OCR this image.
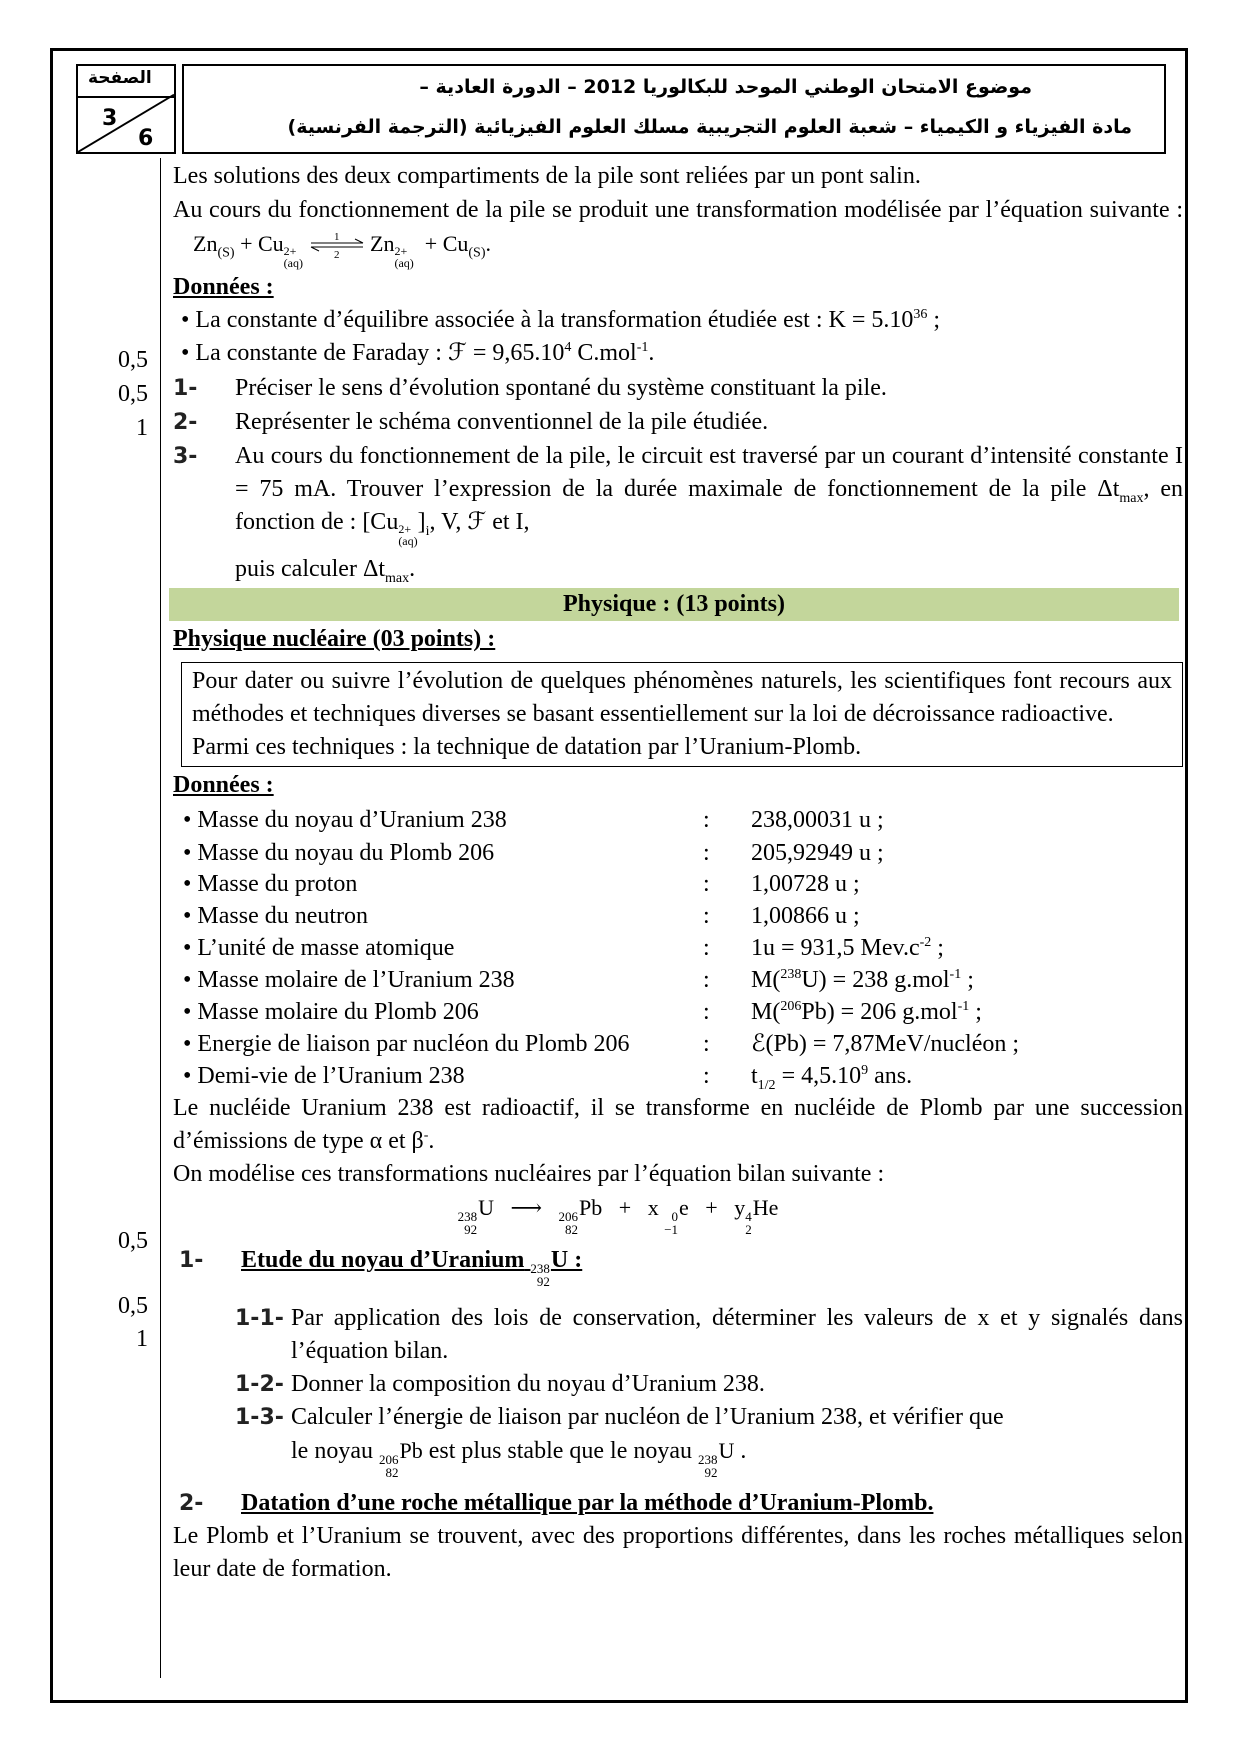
الصفحة
3
6
موضوع الامتحان الوطني الموحد للبكالوريا 2012 – الدورة العادية –
مادة الفيزياء و الكيمياء – شعبة العلوم التجريبية مسلك العلوم الفيزيائية (الترجمة الفرنسية)
0,5
0,5
1
0,5
0,5
1

Les solutions des deux compartiments de la pile sont reliées par un pont salin.

Au cours du fonctionnement de la pile se produit une transformation modélisée par l’équation suivante : $Zn_{(S)} + Cu$ 2+
(aq)

1
2 Zn 2+
(aq)
+ $Cu_{(S)}$.

Données :

• La constante d’équilibre associée à la transformation étudiée est : $K = 5.10^{36}$ ;

• La constante de Faraday : ℱ = $9,65.10^4$ C.mol$^{-1}$.

1-	Préciser le sens d’évolution spontané du système constituant la pile.
2-	Représenter le schéma conventionnel de la pile étudiée.
3-	Au cours du fonctionnement de la pile, le circuit est traversé par un courant d’intensité constante I = 75 mA. Trouver l’expression de la durée maximale de fonctionnement de la pile $\Delta t_{max}$, en fonction de : [Cu 2+
(aq)
]$_i$, V, ℱ et I,
puis calculer $\Delta t_{max}$.
Physique : (13 points)

Physique nucléaire (03 points) :

Pour dater ou suivre l’évolution de quelques phénomènes naturels, les scientifiques font recours aux méthodes et techniques diverses se basant essentiellement sur la loi de décroissance radioactive.

Parmi ces techniques : la technique de datation par l’Uranium-Plomb.

Données :

• Masse du noyau d’Uranium 238	:	238,00031 u ;
• Masse du noyau du Plomb 206	:	205,92949 u ;
• Masse du proton	:	1,00728 u ;
• Masse du neutron	:	1,00866 u ;
• L’unité de masse atomique	:	1u = 931,5 $Mev.c^{-2}$ ;
• Masse molaire de l’Uranium 238	:	M($^{238}$U) = 238 g.mol$^{-1}$ ;
• Masse molaire du Plomb 206	:	M($^{206}$Pb) = 206 g.mol$^{-1}$ ;
• Energie de liaison par nucléon du Plomb 206	:	ℰ(Pb) = 7,87MeV/nucléon ;
• Demi-vie de l’Uranium 238	:	$t_{1/2} = 4,5.10^9$ ans.

Le nucléide Uranium 238 est radioactif, il se transforme en nucléide de Plomb par une succession d’émissions de type α et β-.

On modélise ces transformations nucléaires par l’équation bilan suivante :

238
92
U   ⟶ 206
82
Pb   +   x 0
−1
e   +   y 4
2
He

1-	Etude du noyau d’Uranium
238
92
U :
1-1- Par application des lois de conservation, déterminer les valeurs de x et y signalés dans l’équation bilan.
1-2- Donner la composition du noyau d’Uranium 238.
1-3- Calculer l’énergie de liaison par nucléon de l’Uranium 238, et vérifier que
le noyau 206
82
Pb est plus stable que le noyau 238
92
U .
2-	Datation d’une roche métallique par la méthode d’Uranium-Plomb.

Le Plomb et l’Uranium se trouvent, avec des proportions différentes, dans les roches métalliques selon leur date de formation.
